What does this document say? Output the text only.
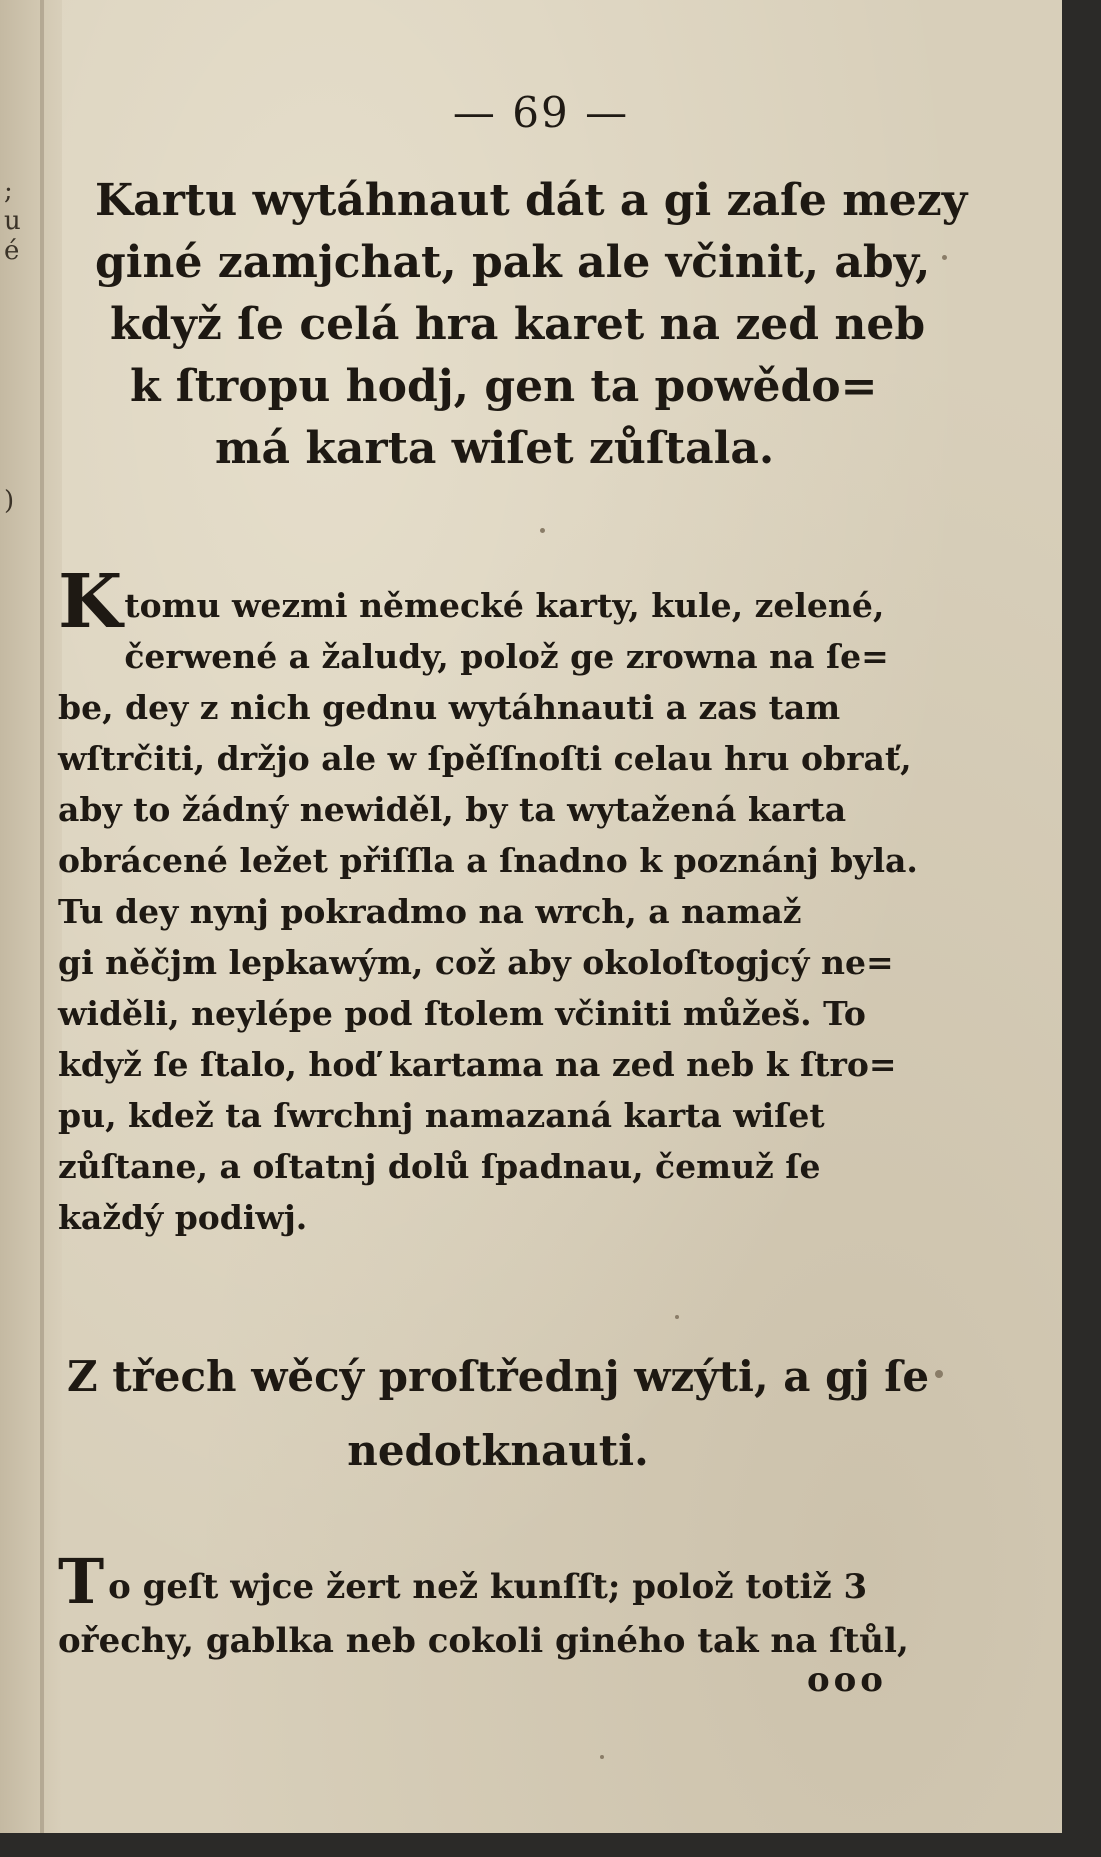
;
u
é
)
— 69 —
Kartu wytáhnaut dát a gi zaſe mezy
giné zamjchat, pak ale včinit, aby,
když ſe celá hra karet na zed neb
k ſtropu hodj, gen ta powědo=
má karta wiſet zůſtala.
K tomu wezmi německé karty, kule, zelené,
čerwené a žaludy, polož ge zrowna na ſe=
be, dey z nich gednu wytáhnauti a zas tam
wſtrčiti, držjo ale w ſpěſſnoſti celau hru obrať,
aby to žádný newiděl, by ta wytažená karta
obrácené ležet přiſſla a ſnadno k poznánj byla.
Tu dey nynj pokradmo na wrch, a namaž
gi něčjm lepkawým, což aby okoloſtogjcý ne=
widěli, neylépe pod ſtolem včiniti můžeš. To
když ſe ſtalo, hoď kartama na zed neb k ſtro=
pu, kdež ta ſwrchnj namazaná karta wiſet
zůſtane, a oſtatnj dolů ſpadnau, čemuž ſe
každý podiwj.
Z třech wěcý proſtřednj wzýti, a gj ſe
nedotknauti.
T o geſt wjce žert než kunſſt; polož totiž 3
ořechy, gablka neb cokoli giného tak na ſtůl,
ooo
